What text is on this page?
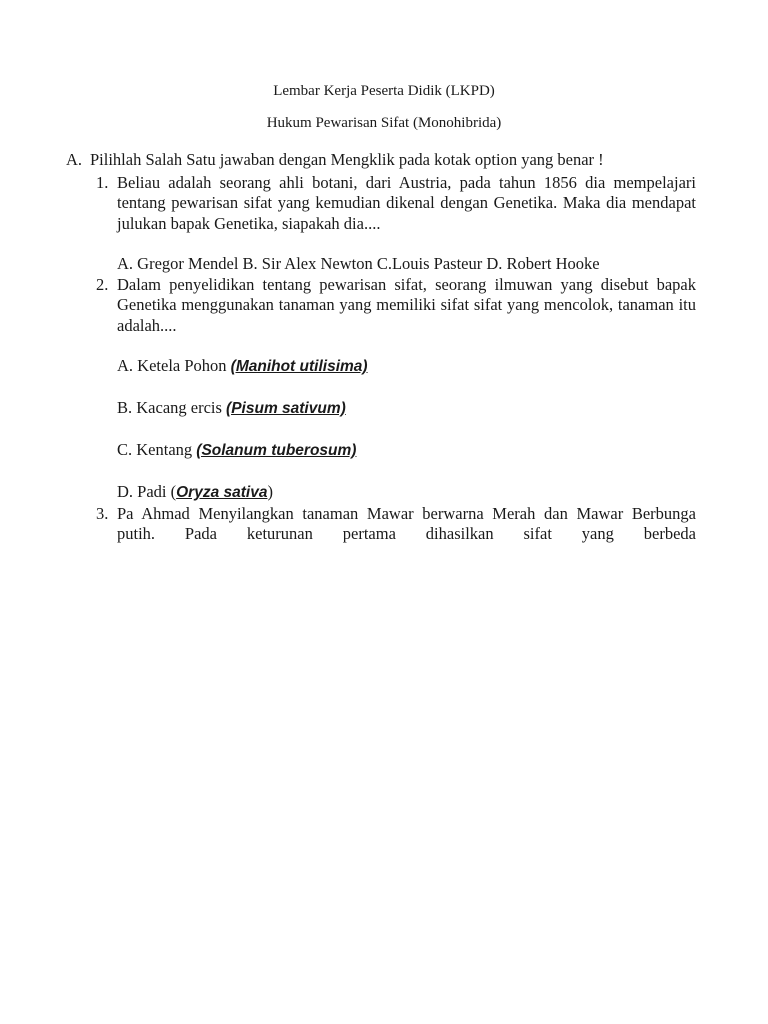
Lembar Kerja Peserta Didik (LKPD)
Hukum Pewarisan Sifat (Monohibrida)
A. Pilihlah Salah Satu jawaban dengan Mengklik pada kotak option yang benar !
1. Beliau adalah seorang ahli botani, dari Austria, pada tahun 1856 dia mempelajari tentang pewarisan sifat yang kemudian dikenal dengan Genetika. Maka dia mendapat julukan bapak Genetika, siapakah dia....
A. Gregor Mendel B. Sir Alex Newton C.Louis Pasteur D. Robert Hooke
2. Dalam penyelidikan tentang pewarisan sifat, seorang ilmuwan yang disebut bapak Genetika menggunakan tanaman yang memiliki sifat sifat yang mencolok, tanaman itu adalah....
A. Ketela Pohon (Manihot utilisima)
B. Kacang ercis (Pisum sativum)
C. Kentang (Solanum tuberosum)
D. Padi (Oryza sativa)
3. Pa Ahmad Menyilangkan tanaman Mawar berwarna Merah dan Mawar Berbunga putih. Pada keturunan pertama dihasilkan sifat yang berbeda
